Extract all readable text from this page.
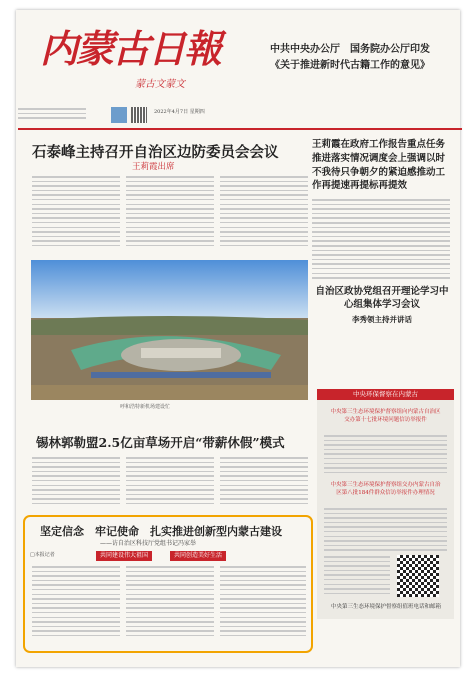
内蒙古日報
蒙古文蒙文
2022年4月7日 星期四
中共中央办公厅　国务院办公厅印发
《关于推进新时代古籍工作的意见》
石泰峰主持召开自治区边防委员会会议
王莉霞出席
呼和浩特新机场建设忙
王莉霞在政府工作报告重点任务推进落实情况调度会上强调以时不我待只争朝夕的紧迫感推动工作再提速再提标再提效
自治区政协党组召开理论学习中心组集体学习会议
李秀领主持并讲话
中央环保督察在内蒙古
中央第三生态环境保护督察组向内蒙古自治区交办第十七批环境问题信访举报件
中央第三生态环境保护督察组交办内蒙古自治区第八批184件群众信访举报件办理情况
中央第三生态环境保护督察组值班电话和邮箱
锡林郭勒盟2.5亿亩草场开启“带薪休假”模式
坚定信念　牢记使命　扎实推进创新型内蒙古建设
——访自治区科技厅党组书记冯家举
□本报记者	共同建设伟大祖国	共同创造美好生活
